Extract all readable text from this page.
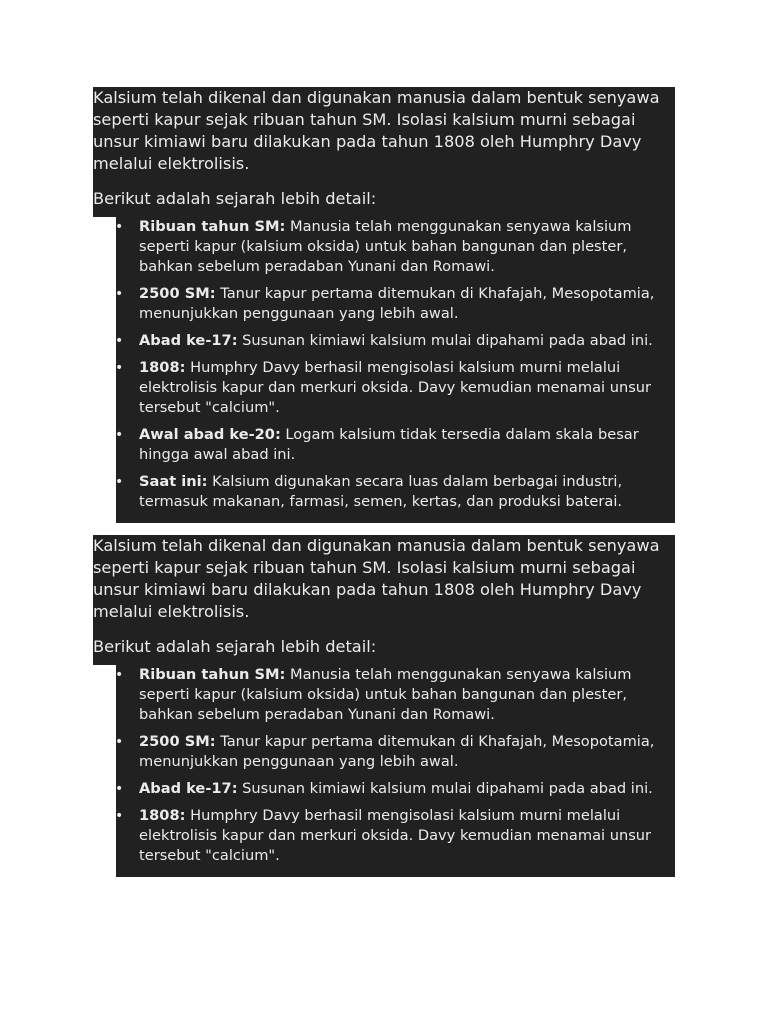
Kalsium telah dikenal dan digunakan manusia dalam bentuk senyawa seperti kapur sejak ribuan tahun SM. Isolasi kalsium murni sebagai unsur kimiawi baru dilakukan pada tahun 1808 oleh Humphry Davy melalui elektrolisis.

Berikut adalah sejarah lebih detail:

• Ribuan tahun SM: Manusia telah menggunakan senyawa kalsium seperti kapur (kalsium oksida) untuk bahan bangunan dan plester, bahkan sebelum peradaban Yunani dan Romawi.
• 2500 SM: Tanur kapur pertama ditemukan di Khafajah, Mesopotamia, menunjukkan penggunaan yang lebih awal.
• Abad ke-17: Susunan kimiawi kalsium mulai dipahami pada abad ini.
• 1808: Humphry Davy berhasil mengisolasi kalsium murni melalui elektrolisis kapur dan merkuri oksida. Davy kemudian menamai unsur tersebut "calcium".
• Awal abad ke-20: Logam kalsium tidak tersedia dalam skala besar hingga awal abad ini.
• Saat ini: Kalsium digunakan secara luas dalam berbagai industri, termasuk makanan, farmasi, semen, kertas, dan produksi baterai.

Kalsium telah dikenal dan digunakan manusia dalam bentuk senyawa seperti kapur sejak ribuan tahun SM. Isolasi kalsium murni sebagai unsur kimiawi baru dilakukan pada tahun 1808 oleh Humphry Davy melalui elektrolisis.

Berikut adalah sejarah lebih detail:

• Ribuan tahun SM: Manusia telah menggunakan senyawa kalsium seperti kapur (kalsium oksida) untuk bahan bangunan dan plester, bahkan sebelum peradaban Yunani dan Romawi.
• 2500 SM: Tanur kapur pertama ditemukan di Khafajah, Mesopotamia, menunjukkan penggunaan yang lebih awal.
• Abad ke-17: Susunan kimiawi kalsium mulai dipahami pada abad ini.
• 1808: Humphry Davy berhasil mengisolasi kalsium murni melalui elektrolisis kapur dan merkuri oksida. Davy kemudian menamai unsur tersebut "calcium".
